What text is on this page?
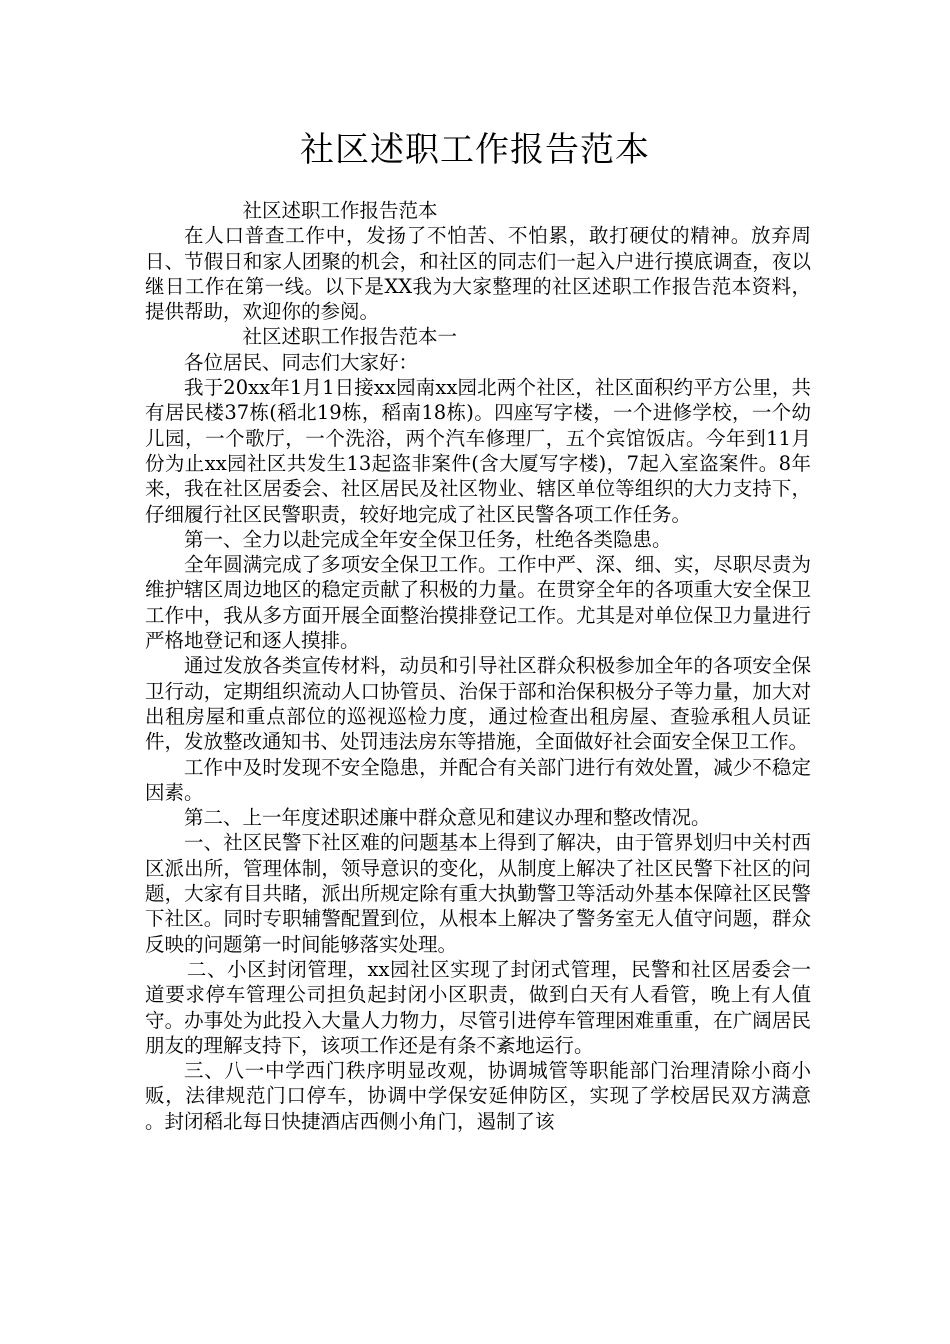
社区述职工作报告范本

社区述职工作报告范本

在人口普查工作中，发扬了不怕苦、不怕累，敢打硬仗的精神。放弃周日、节假日和家人团聚的机会，和社区的同志们一起入户进行摸底调查，夜以继日工作在第一线。以下是XX我为大家整理的社区述职工作报告范本资料，提供帮助，欢迎你的参阅。

社区述职工作报告范本一

各位居民、同志们大家好：

我于20xx年1月1日接xx园南xx园北两个社区，社区面积约平方公里，共有居民楼37栋(稻北19栋，稻南18栋)。四座写字楼，一个进修学校，一个幼儿园，一个歌厅，一个洗浴，两个汽车修理厂，五个宾馆饭店。今年到11月份为止xx园社区共发生13起盗非案件(含大厦写字楼)，7起入室盗案件。8年来，我在社区居委会、社区居民及社区物业、辖区单位等组织的大力支持下，仔细履行社区民警职责，较好地完成了社区民警各项工作任务。

第一、全力以赴完成全年安全保卫任务，杜绝各类隐患。

全年圆满完成了多项安全保卫工作。工作中严、深、细、实，尽职尽责为维护辖区周边地区的稳定贡献了积极的力量。在贯穿全年的各项重大安全保卫工作中，我从多方面开展全面整治摸排登记工作。尤其是对单位保卫力量进行严格地登记和逐人摸排。

通过发放各类宣传材料，动员和引导社区群众积极参加全年的各项安全保卫行动，定期组织流动人口协管员、治保于部和治保积极分子等力量，加大对出租房屋和重点部位的巡视巡检力度，通过检查出租房屋、查验承租人员证件，发放整改通知书、处罚违法房东等措施，全面做好社会面安全保卫工作。

工作中及时发现不安全隐患，并配合有关部门进行有效处置，减少不稳定因素。

第二、上一年度述职述廉中群众意见和建议办理和整改情况。

一、社区民警下社区难的问题基本上得到了解决，由于管界划归中关村西区派出所，管理体制，领导意识的变化，从制度上解决了社区民警下社区的问题，大家有目共睹，派出所规定除有重大执勤警卫等活动外基本保障社区民警下社区。同时专职辅警配置到位，从根本上解决了警务室无人值守问题，群众反映的问题第一时间能够落实处理。

二、小区封闭管理，xx园社区实现了封闭式管理，民警和社区居委会一道要求停车管理公司担负起封闭小区职责，做到白天有人看管，晚上有人值守。办事处为此投入大量人力物力，尽管引进停车管理困难重重，在广阔居民朋友的理解支持下，该项工作还是有条不紊地运行。

三、八一中学西门秩序明显改观，协调城管等职能部门治理清除小商小贩，法律规范门口停车，协调中学保安延伸防区，实现了学校居民双方满意 。封闭稻北每日快捷酒店西侧小角门，遏制了该
